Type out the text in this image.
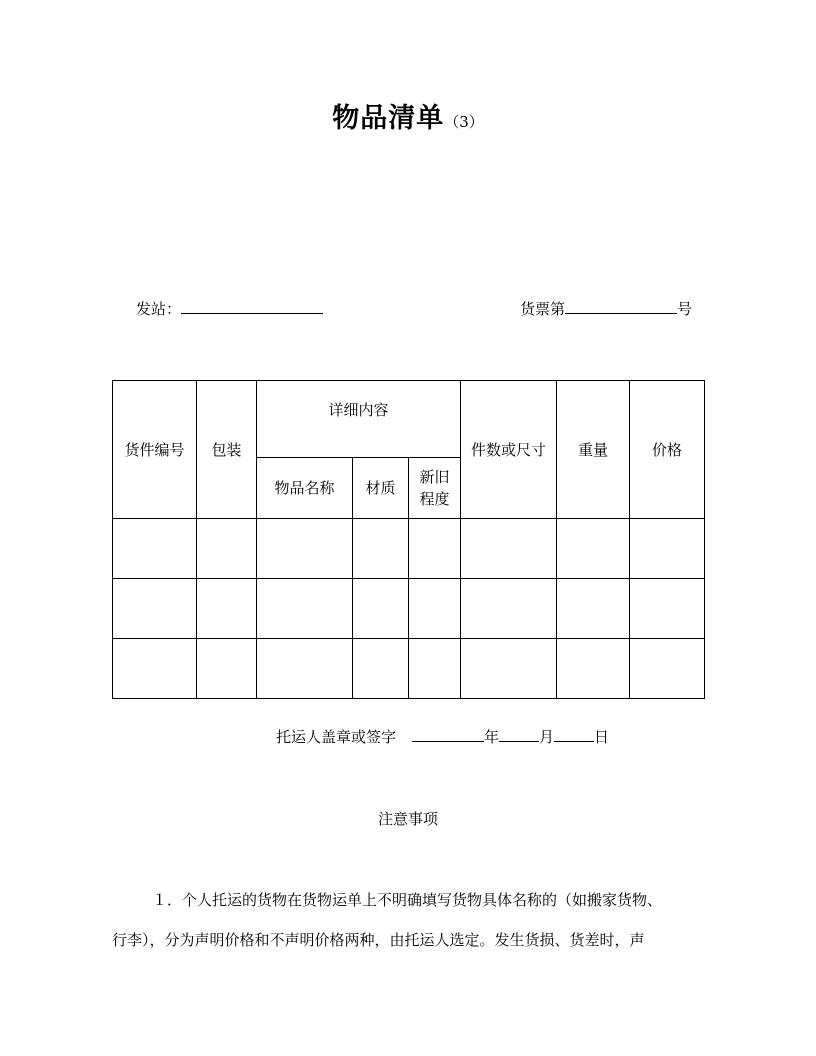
物品清单（3）
发站：	货票第	号
货件编号	包装	详细内容			件数或尺寸	重量	价格
		物品名称	材质	新旧
程度			

托运人盖章或签字	年	月	日
注意事项
１．个人托运的货物在货物运单上不明确填写货物具体名称的（如搬家货物、
行李），分为声明价格和不声明价格两种，由托运人选定。发生货损、货差时，声
